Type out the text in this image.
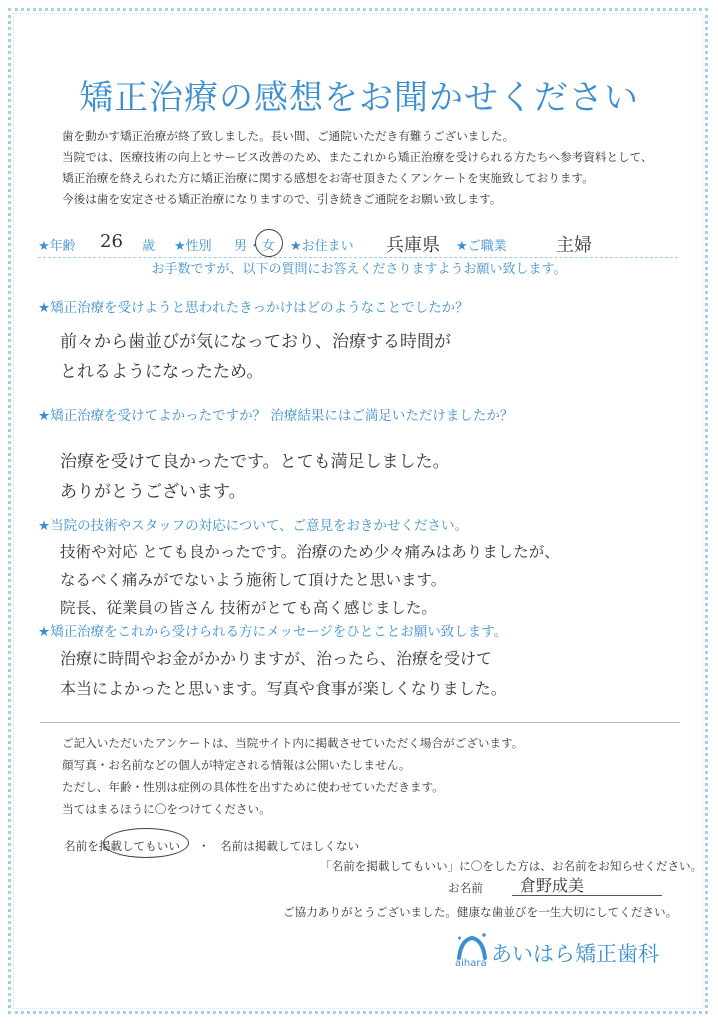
矯正治療の感想をお聞かせください
歯を動かす矯正治療が終了致しました。長い間、ご通院いただき有難うございました。
当院では、医療技術の向上とサービス改善のため、またこれから矯正治療を受けられる方たちへ参考資料として、
矯正治療を終えられた方に矯正治療に関する感想をお寄せ頂きたくアンケートを実施致しております。
今後は歯を安定させる矯正治療になりますので、引き続きご通院をお願い致します。
★年齢 26 歳 ★性別 男 ・ 女 ★お住まい 兵庫県 ★ご職業	主婦
お手数ですが、以下の質問にお答えくださりますようお願い致します。
★矯正治療を受けようと思われたきっかけはどのようなことでしたか？
前々から歯並びが気になっており、治療する時間が
とれるようになったため。
★矯正治療を受けてよかったですか？ 治療結果にはご満足いただけましたか？
治療を受けて良かったです。とても満足しました。
ありがとうございます。
★当院の技術やスタッフの対応について、ご意見をおきかせください。
技術や対応 とても良かったです。治療のため少々痛みはありましたが、
なるべく痛みがでないよう施術して頂けたと思います。
院長、従業員の皆さん 技術がとても高く感じました。
★矯正治療をこれから受けられる方にメッセージをひとことお願い致します。
治療に時間やお金がかかりますが、治ったら、治療を受けて
本当によかったと思います。写真や食事が楽しくなりました。
ご記入いただいたアンケートは、当院サイト内に掲載させていただく場合がございます。
顔写真・お名前などの個人が特定される情報は公開いたしません。
ただし、年齢・性別は症例の具体性を出すために使わせていただきます。
当てはまるほうに〇をつけてください。
名前を掲載してもいい ・ 名前は掲載してほしくない
「名前を掲載してもいい」に〇をした方は、お名前をお知らせください。
お名前 倉野成美
ご協力ありがとうございました。健康な歯並びを一生大切にしてください。
aihara あいはら矯正歯科
